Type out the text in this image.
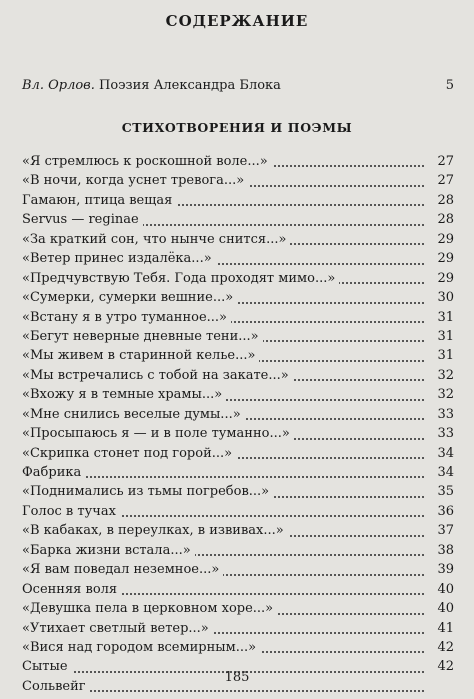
СОДЕРЖАНИЕ
Вл. Орлов. Поэзия Александра Блока	5
СТИХОТВОРЕНИЯ И ПОЭМЫ
«Я стремлюсь к роскошной воле...»	27
«В ночи, когда уснет тревога...»	27
Гамаюн, птица вещая	28
Servus — reginae	28
«За краткий сон, что нынче снится...»	29
«Ветер принес издалёка...»	29
«Предчувствую Тебя. Года проходят мимо...»	29
«Сумерки, сумерки вешние...»	30
«Встану я в утро туманное...»	31
«Бегут неверные дневные тени...»	31
«Мы живем в старинной келье...»	31
«Мы встречались с тобой на закате...»	32
«Вхожу я в темные храмы...»	32
«Мне снились веселые думы...»	33
«Просыпаюсь я — и в поле туманно...»	33
«Скрипка стонет под горой...»	34
Фабрика	34
«Поднимались из тьмы погребов...»	35
Голос в тучах	36
«В кабаках, в переулках, в извивах...»	37
«Барка жизни встала...»	38
«Я вам поведал неземное...»	39
Осенняя воля	40
«Девушка пела в церковном хоре...»	40
«Утихает светлый ветер...»	41
«Вися над городом всемирным...»	42
Сытые	42
Сольвейг
185
